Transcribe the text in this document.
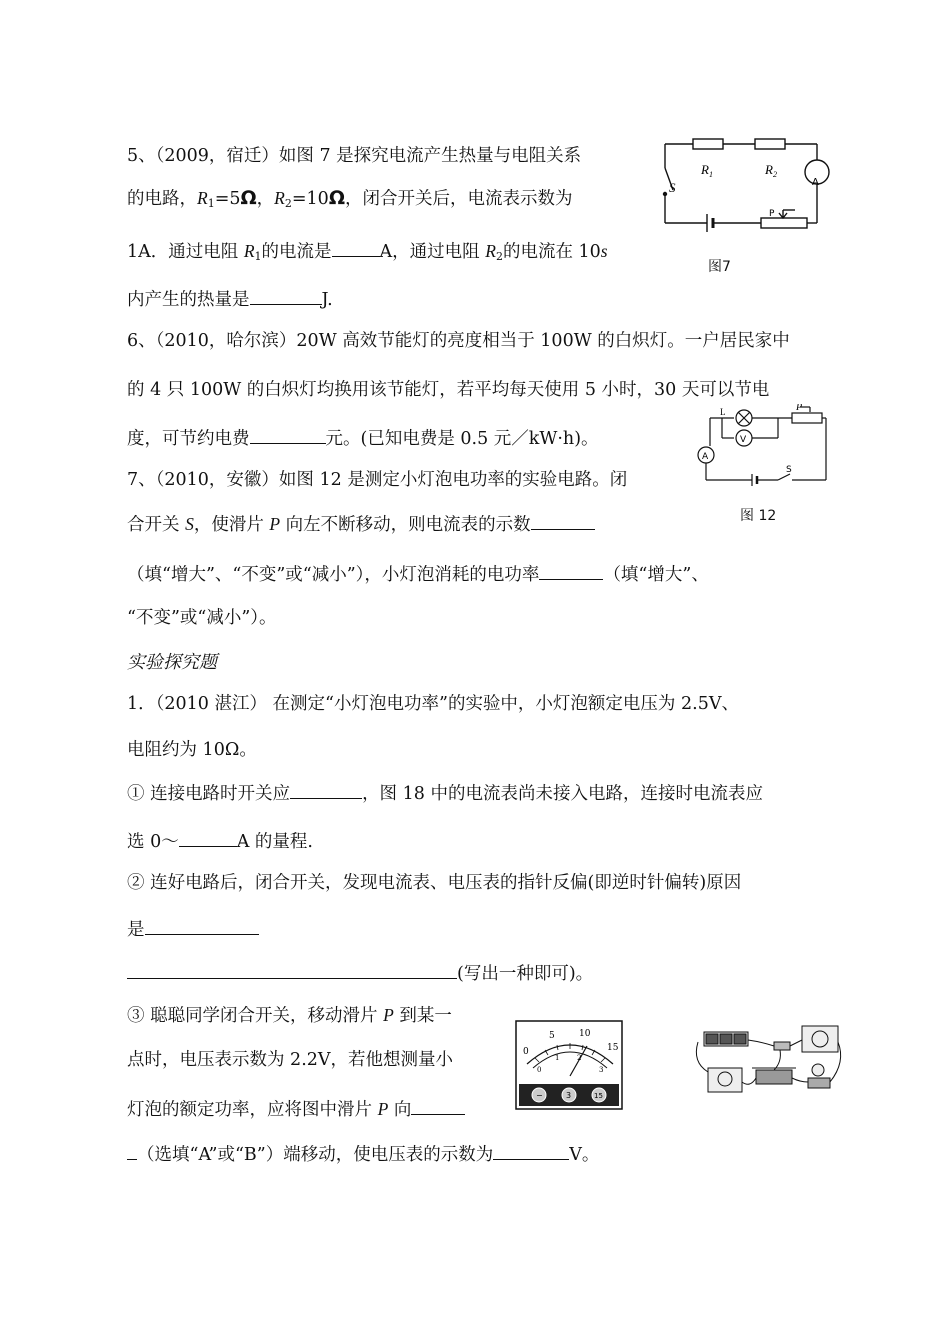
5、（2009，宿迁）如图 7 是探究电流产生热量与电阻关系
的电路，$R_1=5\Omega$，$R_2=10\Omega$，闭合开关后，电流表示数为
1A．通过电阻 $R_1$的电流是	A，通过电阻 $R_2$的电流在 10s
内产生的热量是	J.
$R_1$	$R_2$
A
S
P
图7
6、（2010，哈尔滨）20W 高效节能灯的亮度相当于 100W 的白炽灯。一户居民家中
的 4 只 100W 的白炽灯均换用该节能灯，若平均每天使用 5 小时，30 天可以节电
度，可节约电费	元。(已知电费是 0.5 元／kW·h)。
L	P
V
A
S
图 12
7、（2010，安徽）如图 12 是测定小灯泡电功率的实验电路。闭
合开关 S，使滑片 P 向左不断移动，则电流表的示数
（填“增大”、“不变”或“减小”），小灯泡消耗的电功率	（填“增大”、
“不变”或“减小”）。
实验探究题
1．（2010 湛江） 在测定“小灯泡电功率”的实验中，小灯泡额定电压为 2.5V、
电阻约为 10Ω。
① 连接电路时开关应	，图 18 中的电流表尚未接入电路，连接时电流表应
选 0～	A 的量程.
② 连好电路后，闭合开关，发现电流表、电压表的指针反偏(即逆时针偏转)原因
是
(写出一种即可)。
③ 聪聪同学闭合开关，移动滑片 P 到某一
点时，电压表示数为 2.2V，若他想测量小
灯泡的额定功率，应将图中滑片 P 向
（选填“A”或“B”）端移动，使电压表的示数为	V。
0
5	10
15
0
1	2
3
−	3	15
